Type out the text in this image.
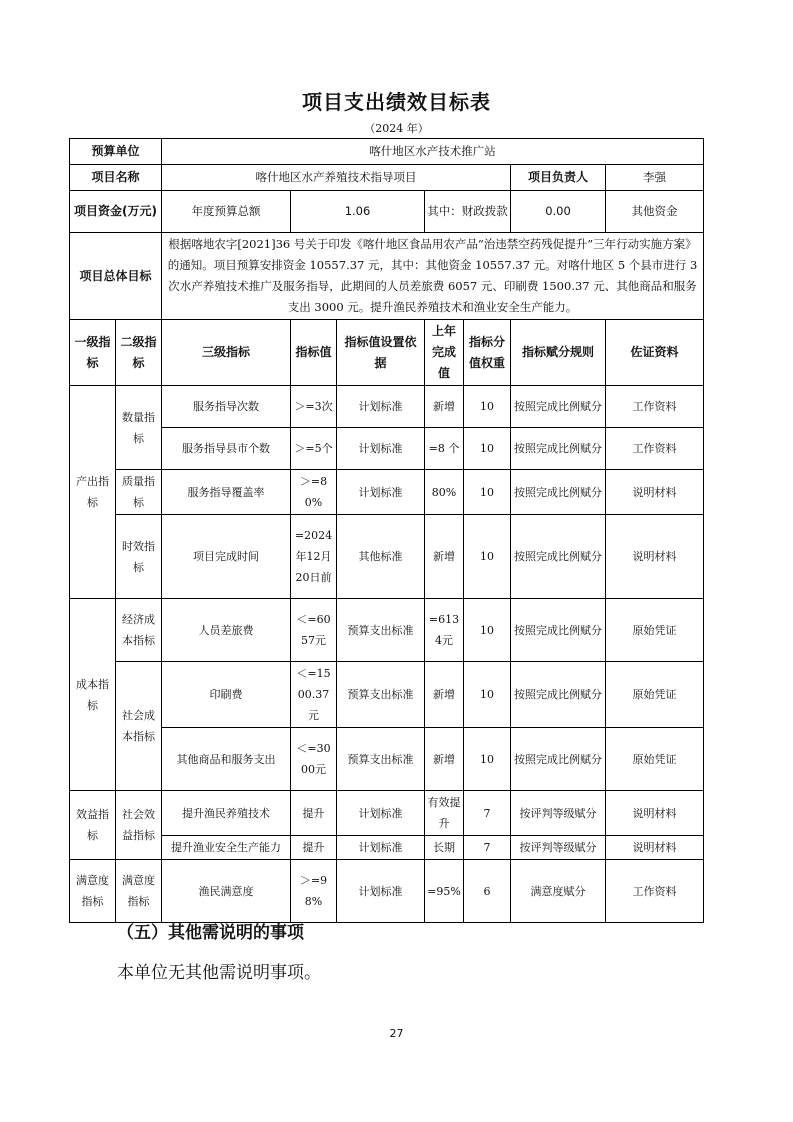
项目支出绩效目标表
（2024 年）
预算单位		喀什地区水产技术推广站						
项目名称		喀什地区水产养殖技术指导项目					项目负责人	李强
项目资金(万元)		年度预算总额	1.06		其中：财政拨款		0.00	其他资金
项目总体目标		根据喀地农字[2021]36 号关于印发《喀什地区食品用农产品“治违禁空药残促提升”三年行动实施方案》的通知。项目预算安排资金 10557.37 元，其中：其他资金 10557.37 元。对喀什地区 5 个县市进行 3 次水产养殖技术推广及服务指导，此期间的人员差旅费 6057 元、印刷费 1500.37 元、其他商品和服务支出 3000 元。提升渔民养殖技术和渔业安全生产能力。						
一级指标	二级指标	三级指标	指标值	指标值设置依据	上年完成值	指标分值权重	指标赋分规则	佐证资料
产出指标	数量指标	服务指导次数	＞=3次	计划标准	新增	10	按照完成比例赋分	工作资料
		服务指导县市个数	＞=5个	计划标准	=8 个	10	按照完成比例赋分	工作资料
	质量指标	服务指导覆盖率	＞=80%	计划标准	80%	10	按照完成比例赋分	说明材料
	时效指标	项目完成时间	=2024年12月20日前	其他标准	新增	10	按照完成比例赋分	说明材料
成本指标	经济成本指标	人员差旅费	＜=6057元	预算支出标准	=6134元	10	按照完成比例赋分	原始凭证
	社会成本指标	印刷费	＜=1500.37元	预算支出标准	新增	10	按照完成比例赋分	原始凭证
		其他商品和服务支出	＜=3000元	预算支出标准	新增	10	按照完成比例赋分	原始凭证
效益指标	社会效益指标	提升渔民养殖技术	提升	计划标准	有效提升	7	按评判等级赋分	说明材料
		提升渔业安全生产能力	提升	计划标准	长期	7	按评判等级赋分	说明材料
满意度指标	满意度指标	渔民满意度	＞=98%	计划标准	=95%	6	满意度赋分	工作资料
（五）其他需说明的事项
本单位无其他需说明事项。
27
